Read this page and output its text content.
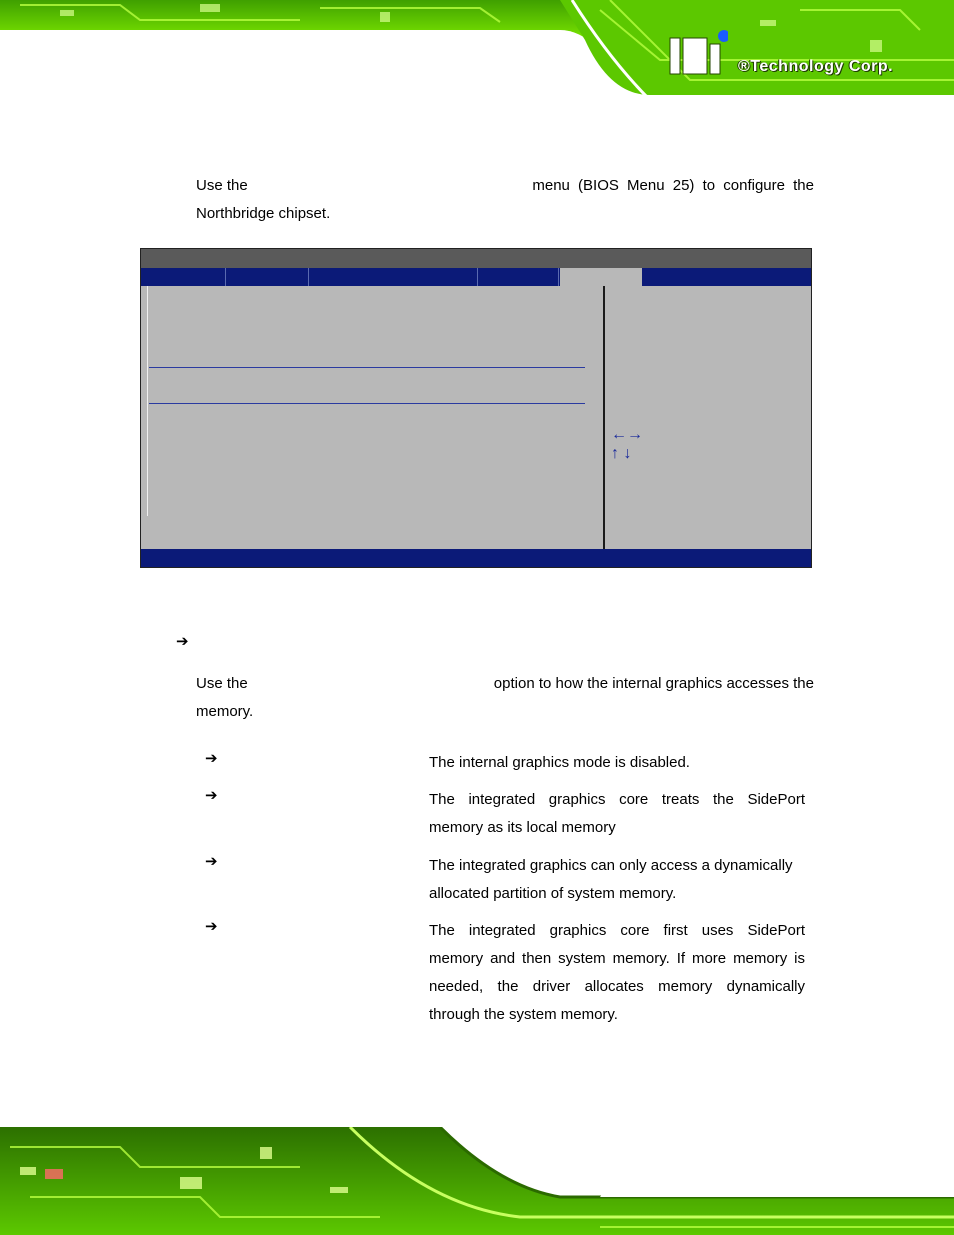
®Technology Corp.
Use the	menu (BIOS Menu 25) to configure the
Northbridge chipset.
←→
↑ ↓
➔
Use the	option to how the internal graphics accesses the
memory.
➔	The internal graphics mode is disabled.
➔	The integrated graphics core treats the SidePort
memory as its local memory
➔	The integrated graphics can only access a dynamically
allocated partition of system memory.
➔	The integrated graphics core first uses SidePort
memory and then system memory. If more memory is
needed, the driver allocates memory dynamically
through the system memory.
